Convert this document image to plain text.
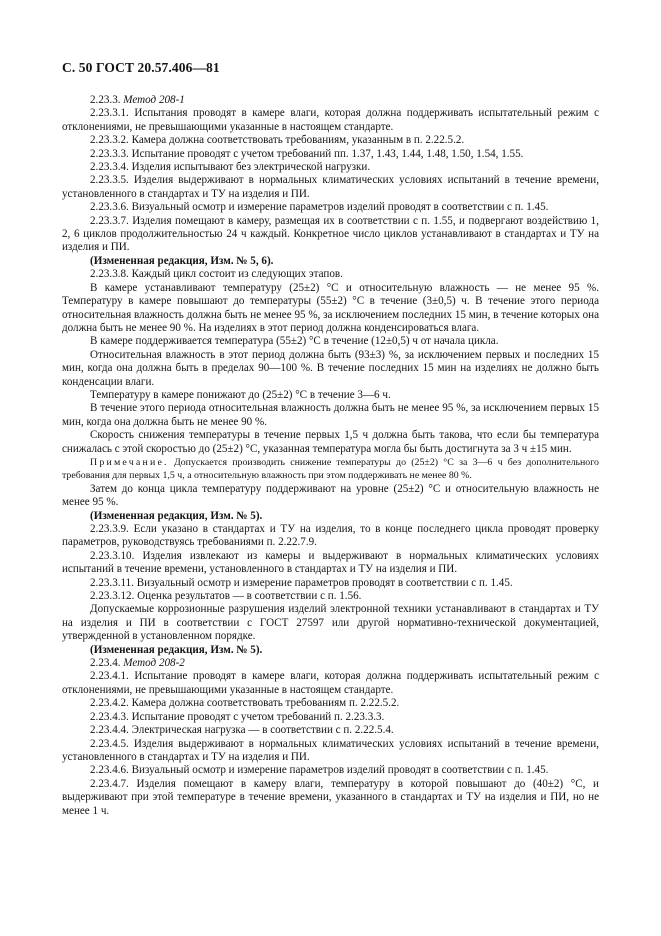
С. 50 ГОСТ 20.57.406—81

2.23.3. Метод 208-1

2.23.3.1. Испытания проводят в камере влаги, которая должна поддерживать испытательный режим с отклонениями, не превышающими указанные в настоящем стандарте.

2.23.3.2. Камера должна соответствовать требованиям, указанным в п. 2.22.5.2.

2.23.3.3. Испытание проводят с учетом требований пп. 1.37, 1.43, 1.44, 1.48, 1.50, 1.54, 1.55.

2.23.3.4. Изделия испытывают без электрической нагрузки.

2.23.3.5. Изделия выдерживают в нормальных климатических условиях испытаний в течение времени, установленного в стандартах и ТУ на изделия и ПИ.

2.23.3.6. Визуальный осмотр и измерение параметров изделий проводят в соответствии с п. 1.45.

2.23.3.7. Изделия помещают в камеру, размещая их в соответствии с п. 1.55, и подвергают воздействию 1, 2, 6 циклов продолжительностью 24 ч каждый. Конкретное число циклов устанавливают в стандартах и ТУ на изделия и ПИ.

(Измененная редакция, Изм. № 5, 6).

2.23.3.8. Каждый цикл состоит из следующих этапов.

В камере устанавливают температуру (25±2) °С и относительную влажность — не менее 95 %. Температуру в камере повышают до температуры (55±2) °С в течение (3±0,5) ч. В течение этого периода относительная влажность должна быть не менее 95 %, за исключением последних 15 мин, в течение которых она должна быть не менее 90 %. На изделиях в этот период должна конденсироваться влага.

В камере поддерживается температура (55±2) °С в течение (12±0,5) ч от начала цикла.

Относительная влажность в этот период должна быть (93±3) %, за исключением первых и последних 15 мин, когда она должна быть в пределах 90—100 %. В течение последних 15 мин на изделиях не должно быть конденсации влаги.

Температуру в камере понижают до (25±2) °С в течение 3—6 ч.

В течение этого периода относительная влажность должна быть не менее 95 %, за исключением первых 15 мин, когда она должна быть не менее 90 %.

Скорость снижения температуры в течение первых 1,5 ч должна быть такова, что если бы температура снижалась с этой скоростью до (25±2) °С, указанная температура могла бы быть достигнута за 3 ч ±15 мин.

Примечание. Допускается производить снижение температуры до (25±2) °С за 3—6 ч без дополнительного требования для первых 1,5 ч, а относительную влажность при этом поддерживать не менее 80 %.

Затем до конца цикла температуру поддерживают на уровне (25±2) °С и относительную влажность не менее 95 %.

(Измененная редакция, Изм. № 5).

2.23.3.9. Если указано в стандартах и ТУ на изделия, то в конце последнего цикла проводят проверку параметров, руководствуясь требованиями п. 2.22.7.9.

2.23.3.10. Изделия извлекают из камеры и выдерживают в нормальных климатических условиях испытаний в течение времени, установленного в стандартах и ТУ на изделия и ПИ.

2.23.3.11. Визуальный осмотр и измерение параметров проводят в соответствии с п. 1.45.

2.23.3.12. Оценка результатов — в соответствии с п. 1.56.

Допускаемые коррозионные разрушения изделий электронной техники устанавливают в стандартах и ТУ на изделия и ПИ в соответствии с ГОСТ 27597 или другой нормативно-технической документацией, утвержденной в установленном порядке.

(Измененная редакция, Изм. № 5).

2.23.4. Метод 208-2

2.23.4.1. Испытание проводят в камере влаги, которая должна поддерживать испытательный режим с отклонениями, не превышающими указанные в настоящем стандарте.

2.23.4.2. Камера должна соответствовать требованиям п. 2.22.5.2.

2.23.4.3. Испытание проводят с учетом требований п. 2.23.3.3.

2.23.4.4. Электрическая нагрузка — в соответствии с п. 2.22.5.4.

2.23.4.5. Изделия выдерживают в нормальных климатических условиях испытаний в течение времени, установленного в стандартах и ТУ на изделия и ПИ.

2.23.4.6. Визуальный осмотр и измерение параметров изделий проводят в соответствии с п. 1.45.

2.23.4.7. Изделия помещают в камеру влаги, температуру в которой повышают до (40±2) °С, и выдерживают при этой температуре в течение времени, указанного в стандартах и ТУ на изделия и ПИ, но не менее 1 ч.
